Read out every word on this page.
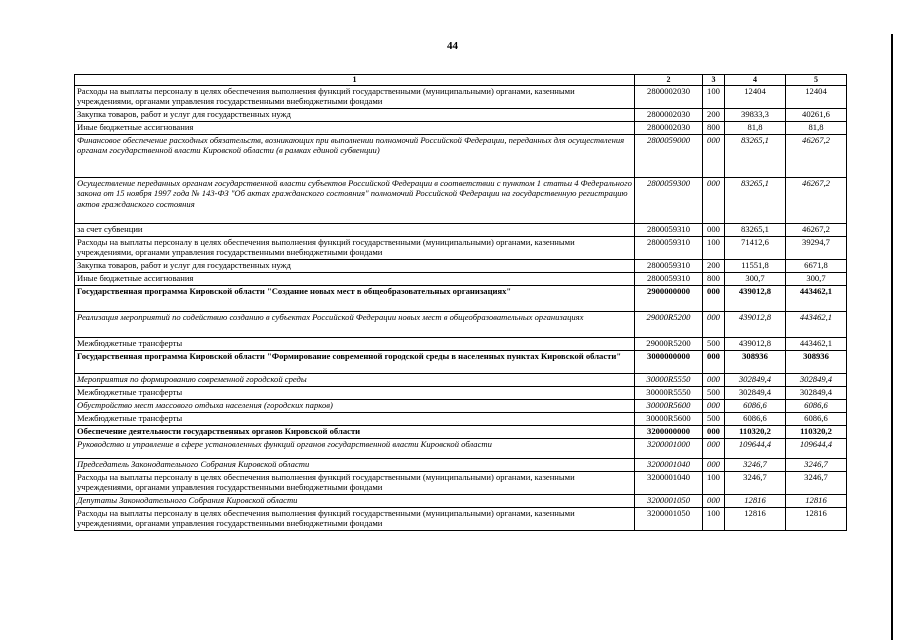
44
1	2	3	4	5
Расходы на выплаты персоналу в целях обеспечения выполнения функций государственными (муниципальными) органами, казенными учреждениями, органами управления государственными внебюджетными фондами	2800002030	100	12404	12404
Закупка товаров, работ и услуг для государственных нужд	2800002030	200	39833,3	40261,6
Иные бюджетные ассигнования	2800002030	800	81,8	81,8
Финансовое обеспечение расходных обязательств, возникающих при выполнении полномочий Российской Федерации, переданных для осуществления органам государственной власти Кировской области (в рамках единой субвенции)	2800059000	000	83265,1	46267,2
Осуществление переданных органам государственной власти субъектов Российской Федерации в соответствии с пунктом 1 статьи 4 Федерального закона от 15 ноября 1997 года № 143-ФЗ "Об актах гражданского состояния" полномочий Российской Федерации на государственную регистрацию актов гражданского состояния	2800059300	000	83265,1	46267,2
за счет субвенции	2800059310	000	83265,1	46267,2
Расходы на выплаты персоналу в целях обеспечения выполнения функций государственными (муниципальными) органами, казенными учреждениями, органами управления государственными внебюджетными фондами	2800059310	100	71412,6	39294,7
Закупка товаров, работ и услуг для государственных нужд	2800059310	200	11551,8	6671,8
Иные бюджетные ассигнования	2800059310	800	300,7	300,7
Государственная программа Кировской области "Создание новых мест в общеобразовательных организациях"	2900000000	000	439012,8	443462,1
Реализация мероприятий по содействию созданию в субъектах Российской Федерации новых мест в общеобразовательных организациях	29000R5200	000	439012,8	443462,1
Межбюджетные трансферты	29000R5200	500	439012,8	443462,1
Государственная программа Кировской области "Формирование современной городской среды в населенных пунктах Кировской области"	3000000000	000	308936	308936
Мероприятия по формированию современной городской среды	30000R5550	000	302849,4	302849,4
Межбюджетные трансферты	30000R5550	500	302849,4	302849,4
Обустройство мест массового отдыха населения (городских парков)	30000R5600	000	6086,6	6086,6
Межбюджетные трансферты	30000R5600	500	6086,6	6086,6
Обеспечение деятельности государственных органов Кировской области	3200000000	000	110320,2	110320,2
Руководство и управление в сфере установленных функций органов государственной власти Кировской области	3200001000	000	109644,4	109644,4
Председатель Законодательного Собрания Кировской области	3200001040	000	3246,7	3246,7
Расходы на выплаты персоналу в целях обеспечения выполнения функций государственными (муниципальными) органами, казенными учреждениями, органами управления государственными внебюджетными фондами	3200001040	100	3246,7	3246,7
Депутаты Законодательного Собрания Кировской области	3200001050	000	12816	12816
Расходы на выплаты персоналу в целях обеспечения выполнения функций государственными (муниципальными) органами, казенными учреждениями, органами управления государственными внебюджетными фондами	3200001050	100	12816	12816
